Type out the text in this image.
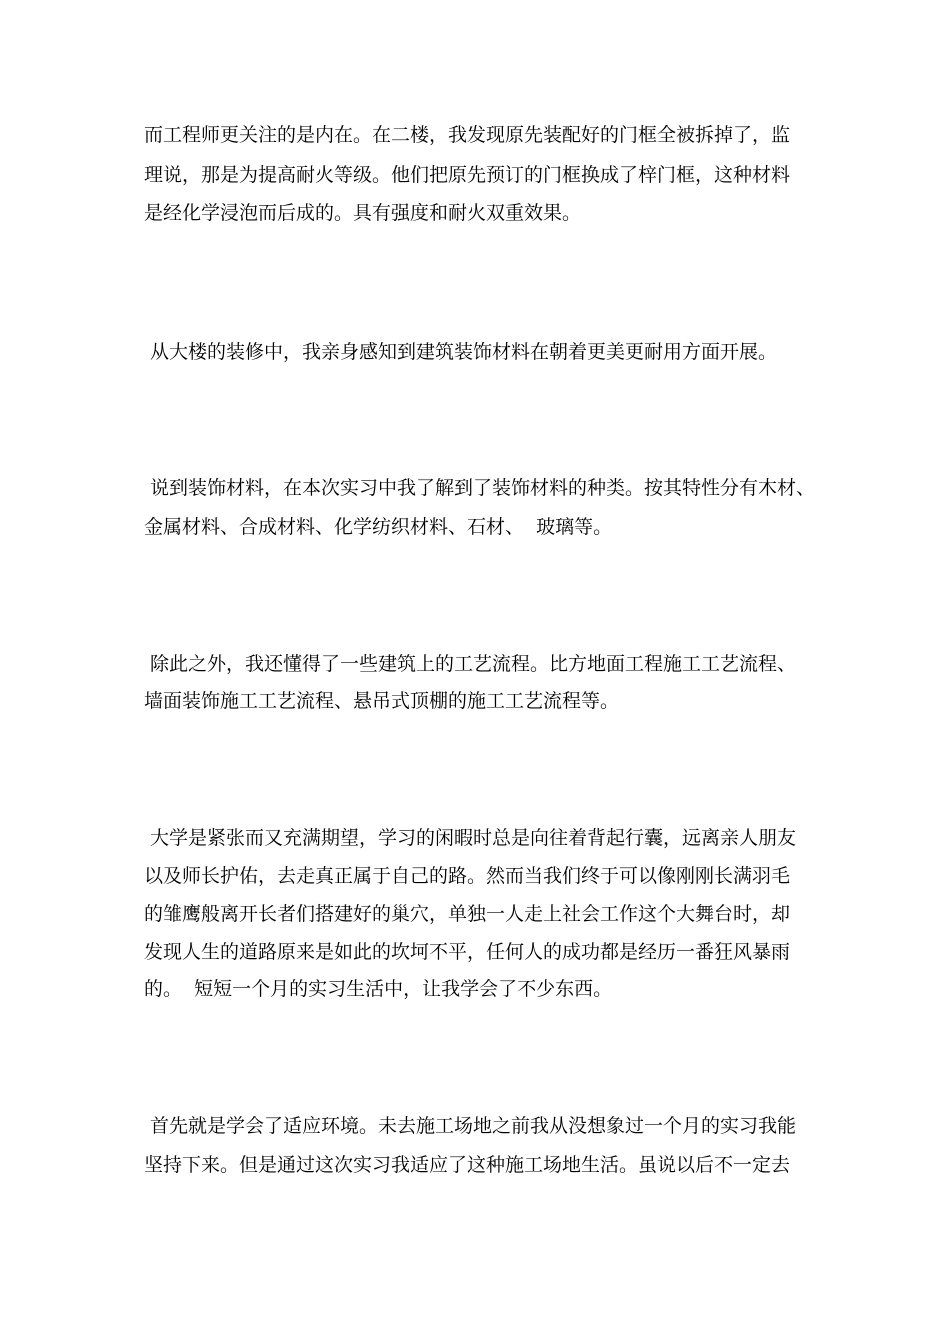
而工程师更关注的是内在。在二楼，我发现原先装配好的门框全被拆掉了，监
理说，那是为提高耐火等级。他们把原先预订的门框换成了梓门框，这种材料
是经化学浸泡而后成的。具有强度和耐火双重效果。
从大楼的装修中，我亲身感知到建筑装饰材料在朝着更美更耐用方面开展。
说到装饰材料，在本次实习中我了解到了装饰材料的种类。按其特性分有木材、
金属材料、合成材料、化学纺织材料、石材、  玻璃等。
除此之外，我还懂得了一些建筑上的工艺流程。比方地面工程施工工艺流程、
墙面装饰施工工艺流程、悬吊式顶棚的施工工艺流程等。
大学是紧张而又充满期望，学习的闲暇时总是向往着背起行囊，远离亲人朋友
以及师长护佑，去走真正属于自己的路。然而当我们终于可以像刚刚长满羽毛
的雏鹰般离开长者们搭建好的巢穴，单独一人走上社会工作这个大舞台时，却
发现人生的道路原来是如此的坎坷不平，任何人的成功都是经历一番狂风暴雨
的。  短短一个月的实习生活中，让我学会了不少东西。
首先就是学会了适应环境。未去施工场地之前我从没想象过一个月的实习我能
坚持下来。但是通过这次实习我适应了这种施工场地生活。虽说以后不一定去
